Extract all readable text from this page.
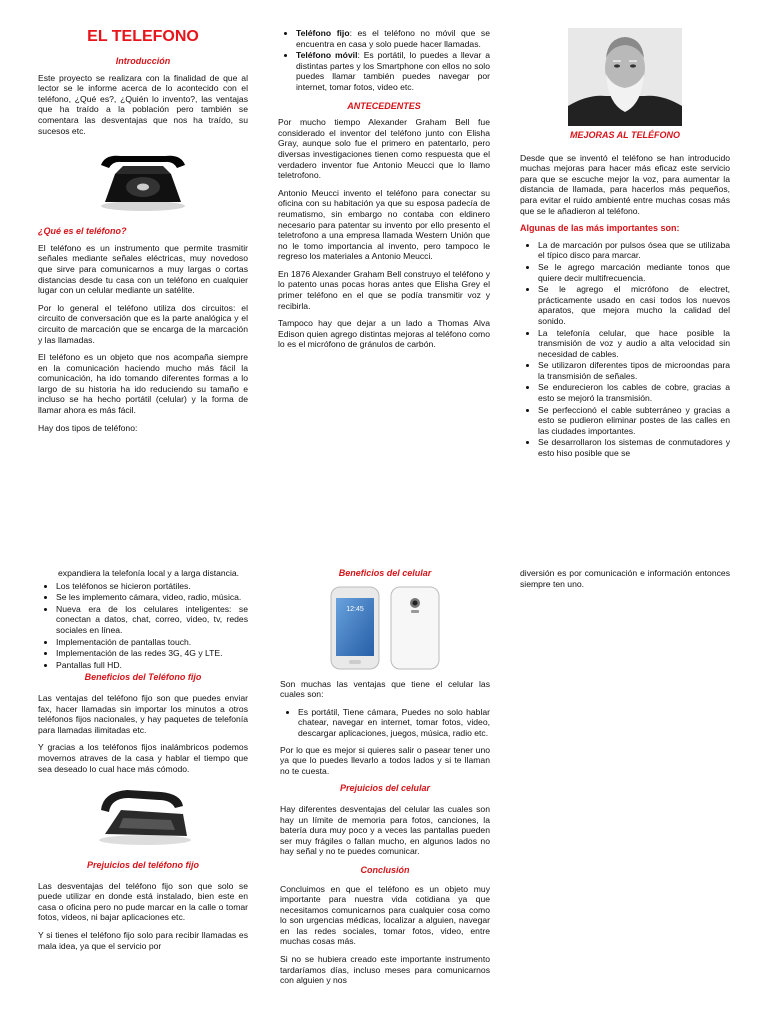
EL TELEFONO
Introducción

Este proyecto se realizara con la finalidad de que al lector se le informe acerca de lo acontecido con el teléfono, ¿Qué es?, ¿Quién lo invento?, las ventajas que ha traído a la población pero también se comentara las desventajas que nos ha traído, su sucesos etc.

¿Qué es el teléfono?

El teléfono es un instrumento que permite trasmitir señales mediante señales eléctricas, muy novedoso que sirve para comunicarnos a muy largas o cortas distancias desde tu casa con un teléfono en cualquier lugar con un celular mediante un satélite.

Por lo general el teléfono utiliza dos circuitos: el circuito de conversación que es la parte analógica y el circuito de marcación que se encarga de la marcación y las llamadas.

El teléfono es un objeto que nos acompaña siempre en la comunicación haciendo mucho más fácil la comunicación, ha ido tomando diferentes formas a lo largo de su historia ha ido reduciendo su tamaño e incluso se ha hecho portátil (celular) y la forma de llamar ahora es más fácil.

Hay dos tipos de teléfono:

• Teléfono fijo: es el teléfono no móvil que se encuentra en casa y solo puede hacer llamadas.
• Teléfono móvil: Es portátil, lo puedes a llevar a distintas partes y los Smartphone con ellos no solo puedes llamar también puedes navegar por internet, tomar fotos, video etc.
ANTECEDENTES

Por mucho tiempo Alexander Graham Bell fue considerado el inventor del teléfono junto con Elisha Gray, aunque solo fue el primero en patentarlo, pero diversas investigaciones tienen como respuesta que el verdadero inventor fue Antonio Meucci que lo llamo teletrofono.

Antonio Meucci invento el teléfono para conectar su oficina con su habitación ya que su esposa padecía de reumatismo, sin embargo no contaba con eldinero necesario para patentar su invento por ello presento el teletrofono a una empresa llamada Western Unión que no le tomo importancia al invento, pero tampoco le regreso los materiales a Antonio Meucci.

En 1876 Alexander Graham Bell construyo el teléfono y lo patento unas pocas horas antes que Elisha Grey el primer teléfono en el que se podía transmitir voz y recibirla.

Tampoco hay que dejar a un lado a Thomas Alva Edison quien agrego distintas mejoras al teléfono como lo es el micrófono de gránulos de carbón.

MEJORAS AL TELÉFONO

Desde que se inventó el teléfono se han introducido muchas mejoras para hacer más eficaz este servicio para que se escuche mejor la voz, para aumentar la distancia de llamada, para hacerlos más pequeños, para evitar el ruido ambienté entre muchas cosas más que se le añadieron al teléfono.

Algunas de las más importantes son:
• La de marcación por pulsos ósea que se utilizaba el típico disco para marcar.
• Se le agrego marcación mediante tonos que quiere decir multifrecuencia.
• Se le agrego el micrófono de electret, prácticamente usado en casi todos los nuevos aparatos, que mejora mucho la calidad del sonido.
• La telefonía celular, que hace posible la transmisión de voz y audio a alta velocidad sin necesidad de cables.
• Se utilizaron diferentes tipos de microondas para la transmisión de señales.
• Se endurecieron los cables de cobre, gracias a esto se mejoró la transmisión.
• Se perfeccionó el cable subterráneo y gracias a esto se pudieron eliminar postes de las calles en las ciudades importantes.
• Se desarrollaron los sistemas de conmutadores y esto hiso posible que se

expandiera la telefonía local y a larga distancia.

• Los teléfonos se hicieron portátiles.
• Se les implemento cámara, video, radio, música.
• Nueva era de los celulares inteligentes: se conectan a datos, chat, correo, video, tv, redes sociales en línea.
• Implementación de pantallas touch.
• Implementación de las redes 3G, 4G y LTE.
• Pantallas full HD.
Beneficios del Teléfono fijo

Las ventajas del teléfono fijo son que puedes enviar fax, hacer llamadas sin importar los minutos a otros teléfonos fijos nacionales, y hay paquetes de telefonía para llamadas ilimitadas etc.

Y gracias a los teléfonos fijos inalámbricos podemos movernos atraves de la casa y hablar el tiempo que sea deseado lo cual hace más cómodo.

Prejuicios del teléfono fijo

Las desventajas del teléfono fijo son que solo se puede utilizar en donde está instalado, bien este en casa o oficina pero no pude marcar en la calle o tomar fotos, videos, ni bajar aplicaciones etc.

Y si tienes el teléfono fijo solo para recibir llamadas es mala idea, ya que el servicio por

Beneficios del celular
12:45

Son muchas las ventajas que tiene el celular las cuales son:

• Es portátil, Tiene cámara, Puedes no solo hablar chatear, navegar en internet, tomar fotos, video, descargar aplicaciones, juegos, música, radio etc.

Por lo que es mejor si quieres salir o pasear tener uno ya que lo puedes llevarlo a todos lados y si te llaman no te cuesta.

Prejuicios del celular

Hay diferentes desventajas del celular las cuales son hay un límite de memoria para fotos, canciones, la batería dura muy poco y a veces las pantallas pueden ser muy frágiles o fallan mucho, en algunos lados no hay señal y no te puedes comunicar.

Conclusión

Concluimos en que el teléfono es un objeto muy importante para nuestra vida cotidiana ya que necesitamos comunicarnos para cualquier cosa como lo son urgencias médicas, localizar a alguien, navegar en las redes sociales, tomar fotos, video, entre muchas cosas más.

Si no se hubiera creado este importante instrumento tardaríamos días, incluso meses para comunicarnos con alguien y nos

diversión es por comunicación e información entonces siempre ten uno.
